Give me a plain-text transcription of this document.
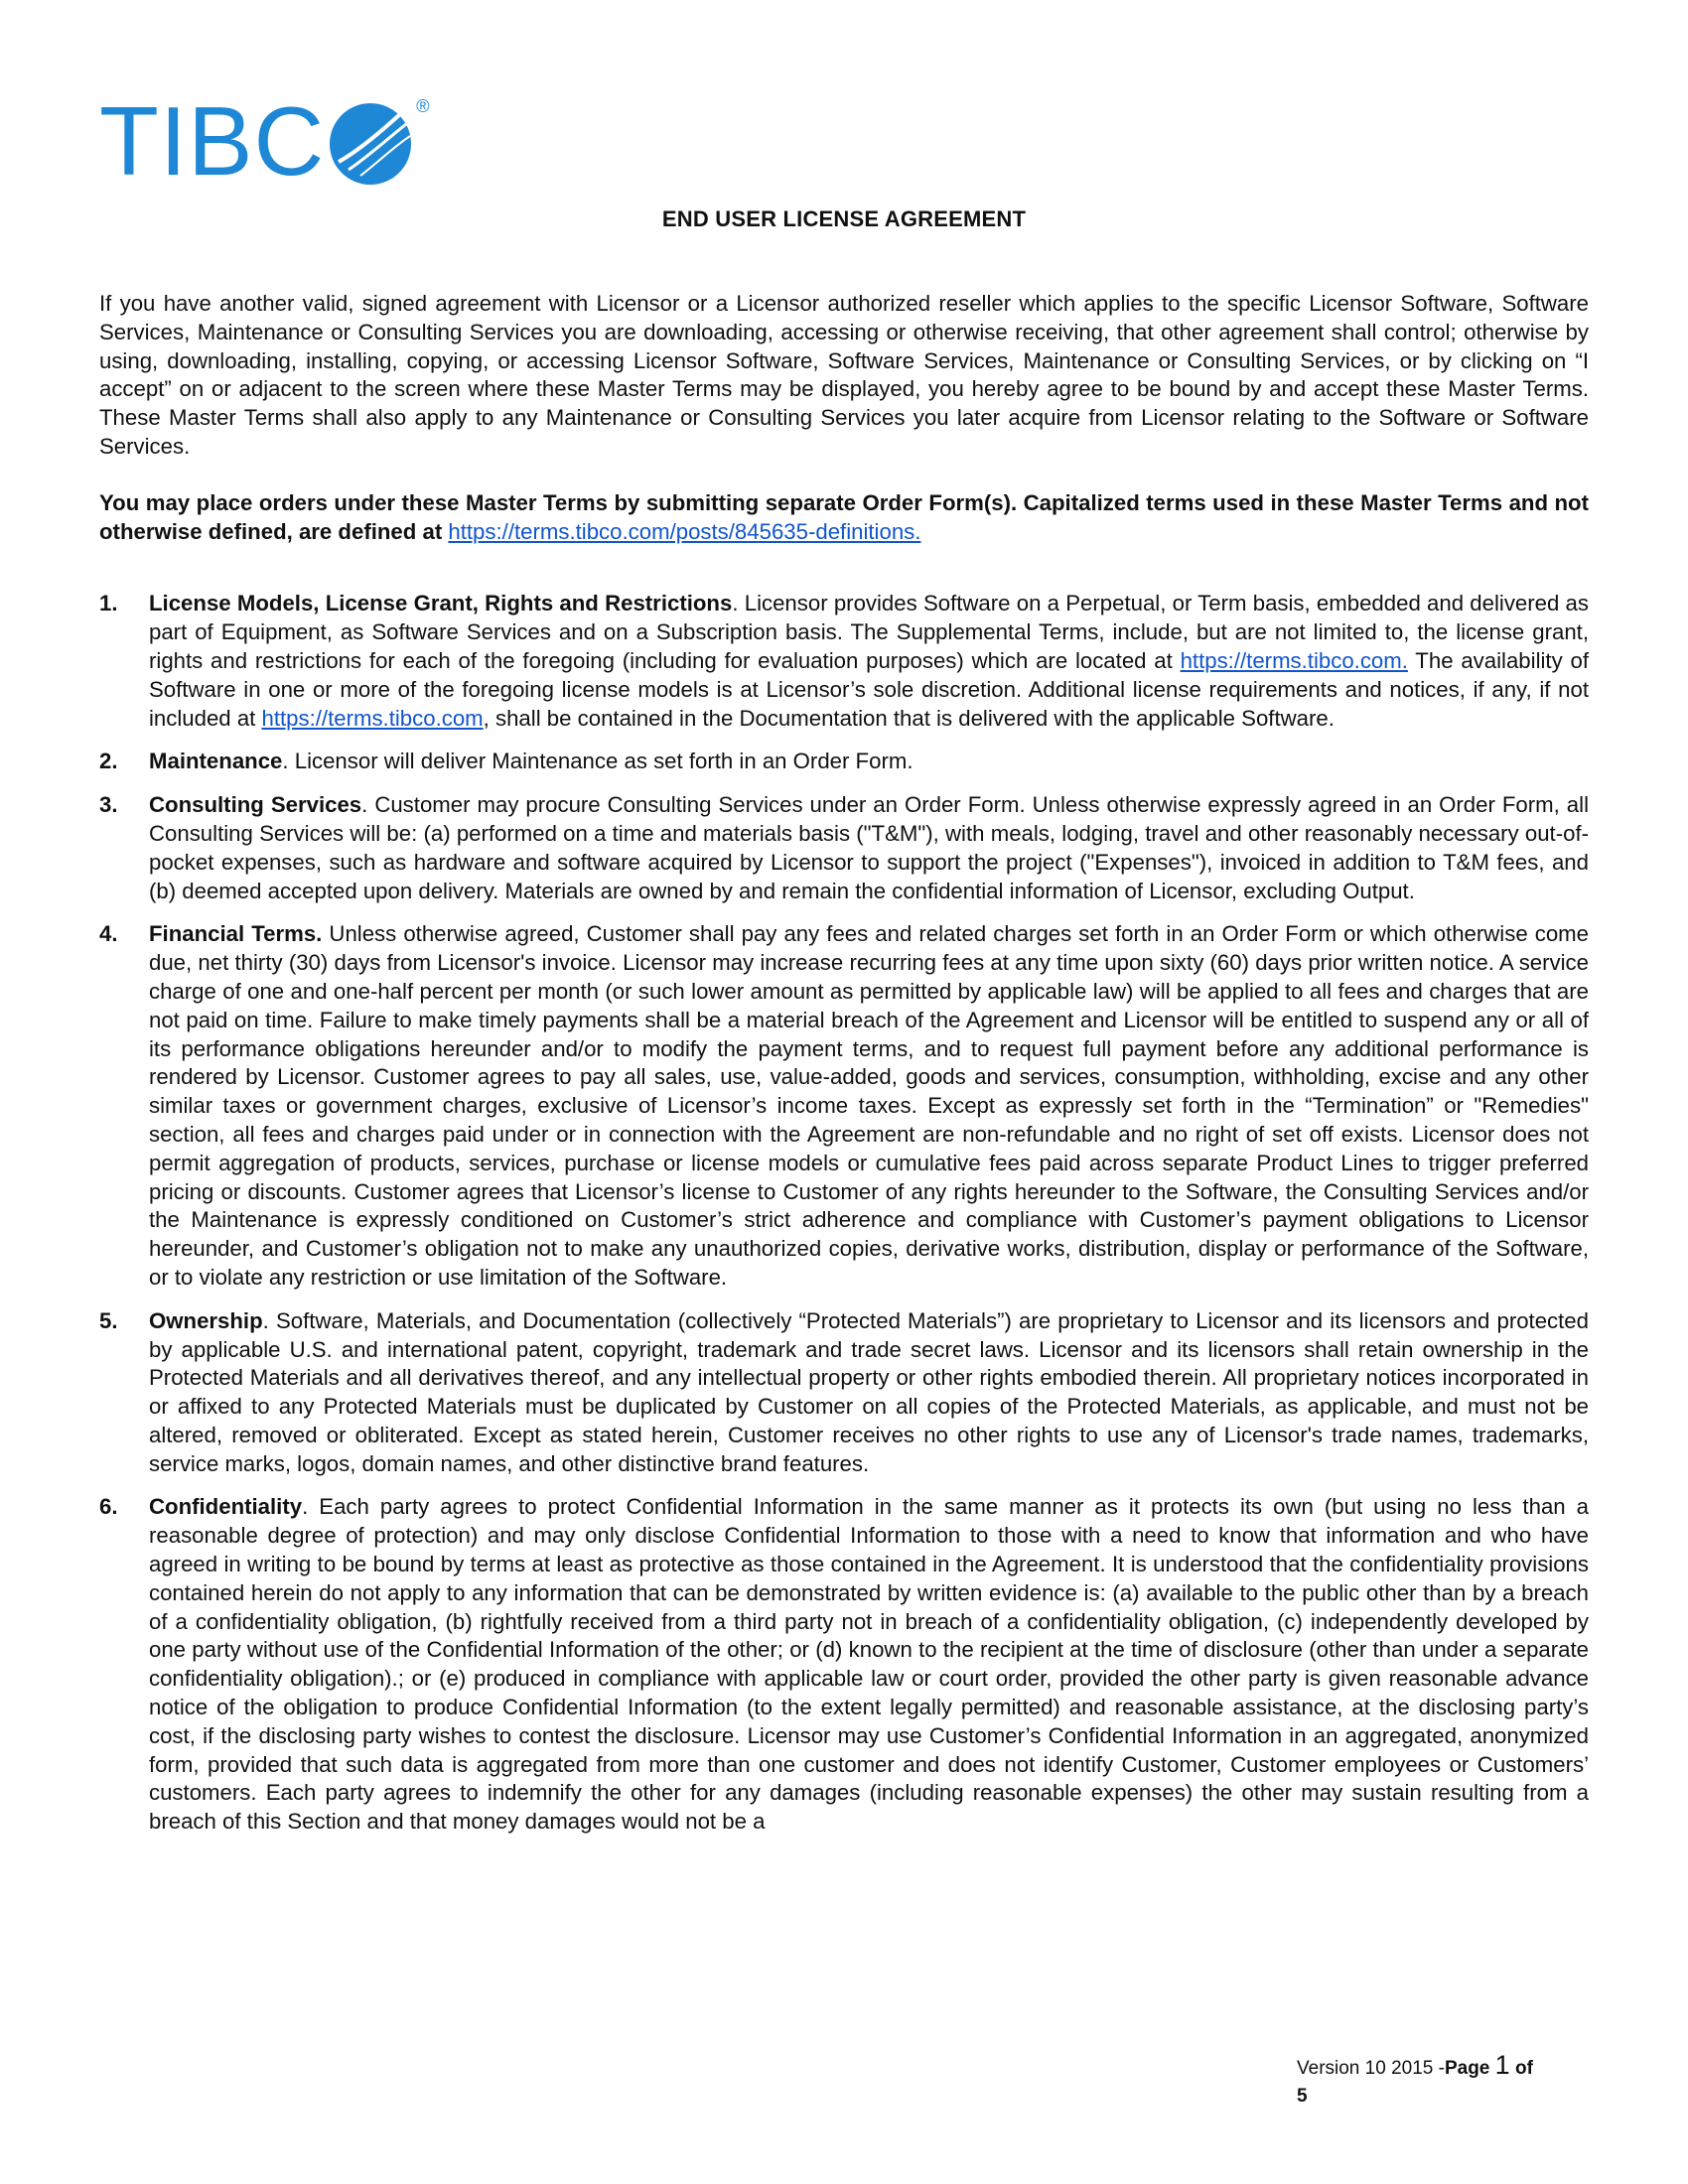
TIBC	®
END USER LICENSE AGREEMENT

If you have another valid, signed agreement with Licensor or a Licensor authorized reseller which applies to the specific Licensor Software, Software Services, Maintenance or Consulting Services you are downloading, accessing or otherwise receiving, that other agreement shall control; otherwise by using, downloading, installing, copying, or accessing Licensor Software, Software Services, Maintenance or Consulting Services, or by clicking on “I accept” on or adjacent to the screen where these Master Terms may be displayed, you hereby agree to be bound by and accept these Master Terms. These Master Terms shall also apply to any Maintenance or Consulting Services you later acquire from Licensor relating to the Software or Software Services.

You may place orders under these Master Terms by submitting separate Order Form(s). Capitalized terms used in these Master Terms and not otherwise defined, are defined at https://terms.tibco.com/posts/845635-definitions.

1. License Models, License Grant, Rights and Restrictions. Licensor provides Software on a Perpetual, or Term basis, embedded and delivered as part of Equipment, as Software Services and on a Subscription basis. The Supplemental Terms, include, but are not limited to, the license grant, rights and restrictions for each of the foregoing (including for evaluation purposes) which are located at https://terms.tibco.com. The availability of Software in one or more of the foregoing license models is at Licensor’s sole discretion. Additional license requirements and notices, if any, if not included at https://terms.tibco.com, shall be contained in the Documentation that is delivered with the applicable Software.
2. Maintenance. Licensor will deliver Maintenance as set forth in an Order Form.
3. Consulting Services. Customer may procure Consulting Services under an Order Form. Unless otherwise expressly agreed in an Order Form, all Consulting Services will be: (a) performed on a time and materials basis ("T&M"), with meals, lodging, travel and other reasonably necessary out-of-pocket expenses, such as hardware and software acquired by Licensor to support the project ("Expenses"), invoiced in addition to T&M fees, and (b) deemed accepted upon delivery. Materials are owned by and remain the confidential information of Licensor, excluding Output.
4. Financial Terms. Unless otherwise agreed, Customer shall pay any fees and related charges set forth in an Order Form or which otherwise come due, net thirty (30) days from Licensor's invoice. Licensor may increase recurring fees at any time upon sixty (60) days prior written notice. A service charge of one and one-half percent per month (or such lower amount as permitted by applicable law) will be applied to all fees and charges that are not paid on time. Failure to make timely payments shall be a material breach of the Agreement and Licensor will be entitled to suspend any or all of its performance obligations hereunder and/or to modify the payment terms, and to request full payment before any additional performance is rendered by Licensor. Customer agrees to pay all sales, use, value-added, goods and services, consumption, withholding, excise and any other similar taxes or government charges, exclusive of Licensor’s income taxes. Except as expressly set forth in the “Termination” or "Remedies" section, all fees and charges paid under or in connection with the Agreement are non-refundable and no right of set off exists. Licensor does not permit aggregation of products, services, purchase or license models or cumulative fees paid across separate Product Lines to trigger preferred pricing or discounts. Customer agrees that Licensor’s license to Customer of any rights hereunder to the Software, the Consulting Services and/or the Maintenance is expressly conditioned on Customer’s strict adherence and compliance with Customer’s payment obligations to Licensor hereunder, and Customer’s obligation not to make any unauthorized copies, derivative works, distribution, display or performance of the Software, or to violate any restriction or use limitation of the Software.
5. Ownership. Software, Materials, and Documentation (collectively “Protected Materials”) are proprietary to Licensor and its licensors and protected by applicable U.S. and international patent, copyright, trademark and trade secret laws. Licensor and its licensors shall retain ownership in the Protected Materials and all derivatives thereof, and any intellectual property or other rights embodied therein. All proprietary notices incorporated in or affixed to any Protected Materials must be duplicated by Customer on all copies of the Protected Materials, as applicable, and must not be altered, removed or obliterated. Except as stated herein, Customer receives no other rights to use any of Licensor's trade names, trademarks, service marks, logos, domain names, and other distinctive brand features.
6. Confidentiality. Each party agrees to protect Confidential Information in the same manner as it protects its own (but using no less than a reasonable degree of protection) and may only disclose Confidential Information to those with a need to know that information and who have agreed in writing to be bound by terms at least as protective as those contained in the Agreement. It is understood that the confidentiality provisions contained herein do not apply to any information that can be demonstrated by written evidence is: (a) available to the public other than by a breach of a confidentiality obligation, (b) rightfully received from a third party not in breach of a confidentiality obligation, (c) independently developed by one party without use of the Confidential Information of the other; or (d) known to the recipient at the time of disclosure (other than under a separate confidentiality obligation).; or (e) produced in compliance with applicable law or court order, provided the other party is given reasonable advance notice of the obligation to produce Confidential Information (to the extent legally permitted) and reasonable assistance, at the disclosing party’s cost, if the disclosing party wishes to contest the disclosure. Licensor may use Customer’s Confidential Information in an aggregated, anonymized form, provided that such data is aggregated from more than one customer and does not identify Customer, Customer employees or Customers’ customers. Each party agrees to indemnify the other for any damages (including reasonable expenses) the other may sustain resulting from a breach of this Section and that money damages would not be a
Version 10 2015 -Page 1 of
5
